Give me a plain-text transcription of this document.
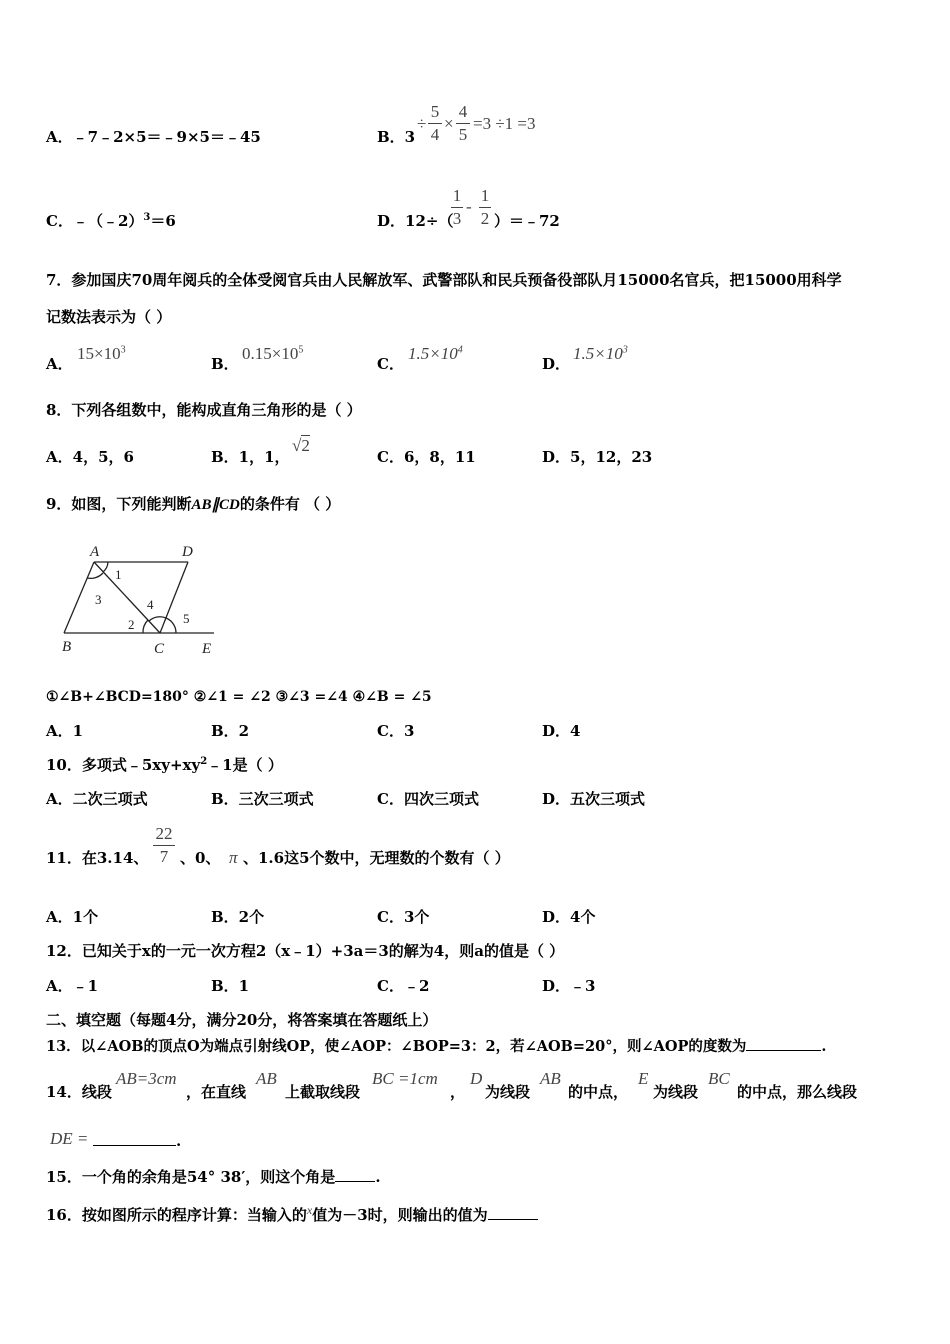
A．﹣7﹣2×5＝﹣9×5＝﹣45	B．3
÷
5
4
×
4
5
=3 ÷1 =3
C．﹣（﹣2）$^3$＝6	D．12÷（
1
3
-
1
2 ）＝﹣72
7．参加国庆70周年阅兵的全体受阅官兵由人民解放军、武警部队和民兵预备役部队月15000名官兵，把15000用科学
记数法表示为（ ）
A．
$15\times 10^3$
B．
$0.15\times 10^5$
C．
$1.5\times 10^4$
D．
$1.5\times 10^3$
8．下列各组数中，能构成直角三角形的是（ ）
A．4，5，6	B．1，1，
√2
C．6，8，11	D．5，12，23
9．如图，下列能判断AB∥CD的条件有 （ ）
A	D
B	C	E
1
3
2
4
5
①∠B+∠BCD=180° ②∠1 = ∠2 ③∠3 =∠4 ④∠B = ∠5
A．1	B．2	C．3	D．4
10．多项式$﹣5xy+xy^2﹣1$是（ ）
A．二次三项式	B．三次三项式	C．四次三项式	D．五次三项式
11．在3.14、
22
7 、0、 π 、1.6这5个数中，无理数的个数有（ ）
A．1个	B．2个	C．3个	D．4个
12．已知关于x的一元一次方程2（x﹣1）+3a＝3的解为4，则a的值是（ ）
A．﹣1	B．1	C．﹣2	D．﹣3
二、填空题（每题4分，满分20分，将答案填在答题纸上）
13．以∠AOB的顶点O为端点引射线OP，使∠AOP：∠BOP=3：2，若∠AOB=20°，则∠AOP的度数为	.
14．线段
AB=3cm
，在直线
AB
上截取线段
BC =1cm
，
D
为线段
AB
的中点，
E
为线段
BC
的中点，那么线段
DE =	.
15．一个角的余角是54° 38′，则这个角是	.
16．按如图所示的程序计算：当输入的$^x$值为－3时，则输出的值为
